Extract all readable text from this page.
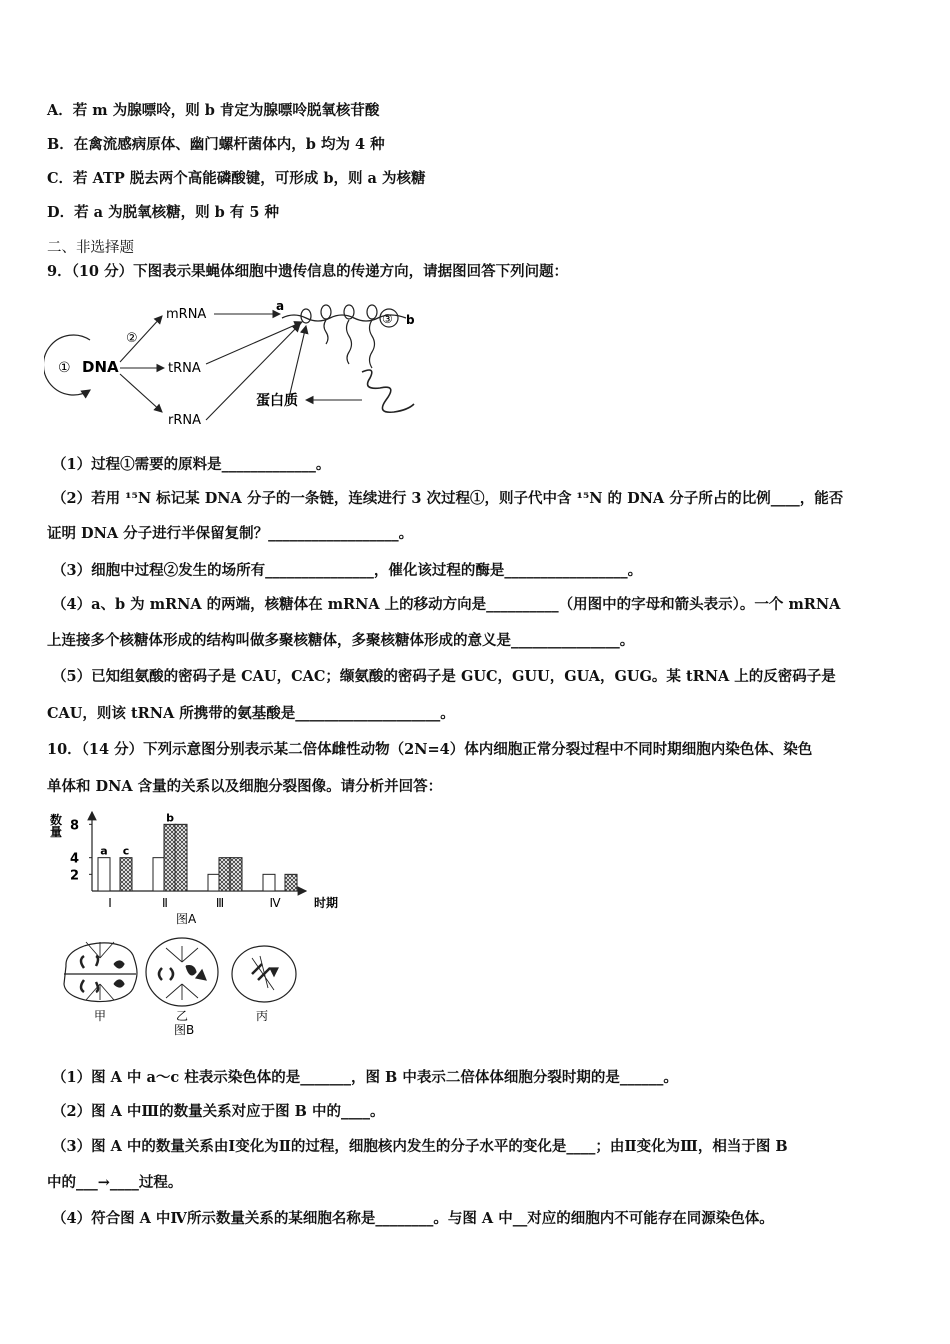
A．若 m 为腺嘌呤，则 b 肯定为腺嘌呤脱氧核苷酸
B．在禽流感病原体、幽门螺杆菌体内，b 均为 4 种
C．若 ATP 脱去两个高能磷酸键，可形成 b，则 a 为核糖
D．若 a 为脱氧核糖，则 b 有 5 种
二、非选择题
9．（10 分）下图表示果蝇体细胞中遗传信息的传递方向，请据图回答下列问题：
① DNA
②
mRNA
tRNA
rRNA
a
b
③
蛋白质
（1）过程①需要的原料是_____________。
（2）若用 ¹⁵N 标记某 DNA 分子的一条链，连续进行 3 次过程①，则子代中含 ¹⁵N 的 DNA 分子所占的比例____，能否
证明 DNA 分子进行半保留复制？__________________。
（3）细胞中过程②发生的场所有_______________，催化该过程的酶是_________________。
（4）a、b 为 mRNA 的两端，核糖体在 mRNA 上的移动方向是__________（用图中的字母和箭头表示）。一个 mRNA
上连接多个核糖体形成的结构叫做多聚核糖体，多聚核糖体形成的意义是_______________。
（5）已知组氨酸的密码子是 CAU，CAC；缬氨酸的密码子是 GUC，GUU，GUA，GUG。某 tRNA 上的反密码子是
CAU，则该 tRNA 所携带的氨基酸是____________________。
10．（14 分）下列示意图分别表示某二倍体雌性动物（2N=4）体内细胞正常分裂过程中不同时期细胞内染色体、染色
单体和 DNA 含量的关系以及细胞分裂图像。请分析并回答：
数
量
2
4
8
Ⅰ	Ⅱ	Ⅲ	Ⅳ
a c
b
时期
图A
甲	乙	丙
图B
（1）图 A 中 a～c 柱表示染色体的是_______，图 B 中表示二倍体体细胞分裂时期的是______。
（2）图 A 中Ⅲ的数量关系对应于图 B 中的____。
（3）图 A 中的数量关系由Ⅰ变化为Ⅱ的过程，细胞核内发生的分子水平的变化是____；由Ⅱ变化为Ⅲ，相当于图 B
中的___→____过程。
（4）符合图 A 中Ⅳ所示数量关系的某细胞名称是________。与图 A 中__对应的细胞内不可能存在同源染色体。
